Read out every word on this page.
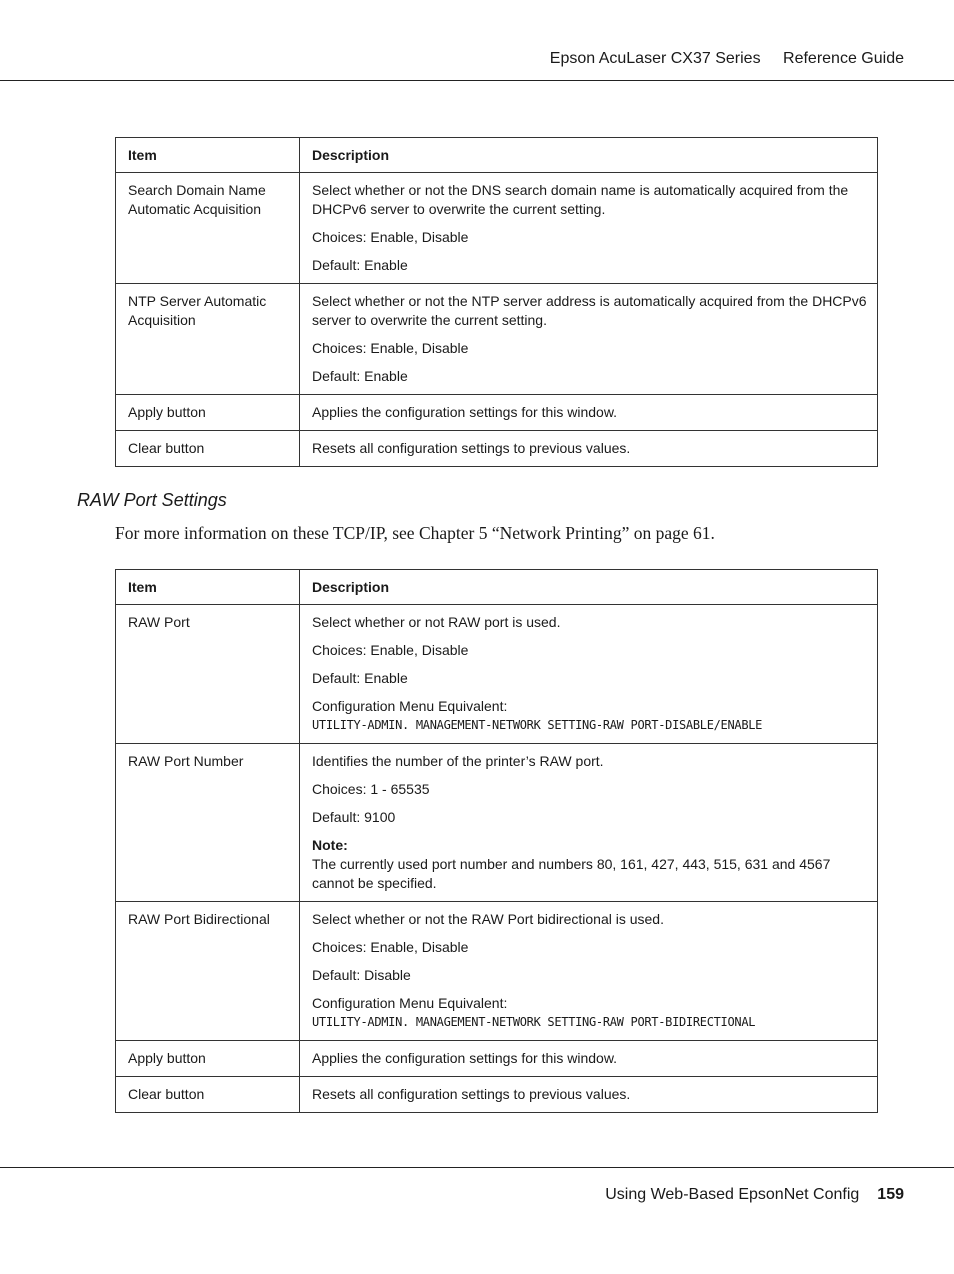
Epson AcuLaser CX37 Series Reference Guide
Item	Description
Search Domain Name Automatic Acquisition	Select whether or not the DNS search domain name is automatically acquired from the DHCPv6 server to overwrite the current setting.

Choices: Enable, Disable

Default: Enable

NTP Server Automatic Acquisition	Select whether or not the NTP server address is automatically acquired from the DHCPv6 server to overwrite the current setting.

Choices: Enable, Disable

Default: Enable

Apply button	Applies the configuration settings for this window.
Clear button	Resets all configuration settings to previous values.
RAW Port Settings
For more information on these TCP/IP, see Chapter 5 “Network Printing” on page 61.
Item	Description
RAW Port	Select whether or not RAW port is used.

Choices: Enable, Disable

Default: Enable

Configuration Menu Equivalent:
UTILITY-ADMIN. MANAGEMENT-NETWORK SETTING-RAW PORT-DISABLE/ENABLE

RAW Port Number	Identifies the number of the printer’s RAW port.

Choices: 1 - 65535

Default: 9100

Note:
The currently used port number and numbers 80, 161, 427, 443, 515, 631 and 4567 cannot be specified.

RAW Port Bidirectional	Select whether or not the RAW Port bidirectional is used.

Choices: Enable, Disable

Default: Disable

Configuration Menu Equivalent:
UTILITY-ADMIN. MANAGEMENT-NETWORK SETTING-RAW PORT-BIDIRECTIONAL

Apply button	Applies the configuration settings for this window.
Clear button	Resets all configuration settings to previous values.
Using Web-Based EpsonNet Config 159
